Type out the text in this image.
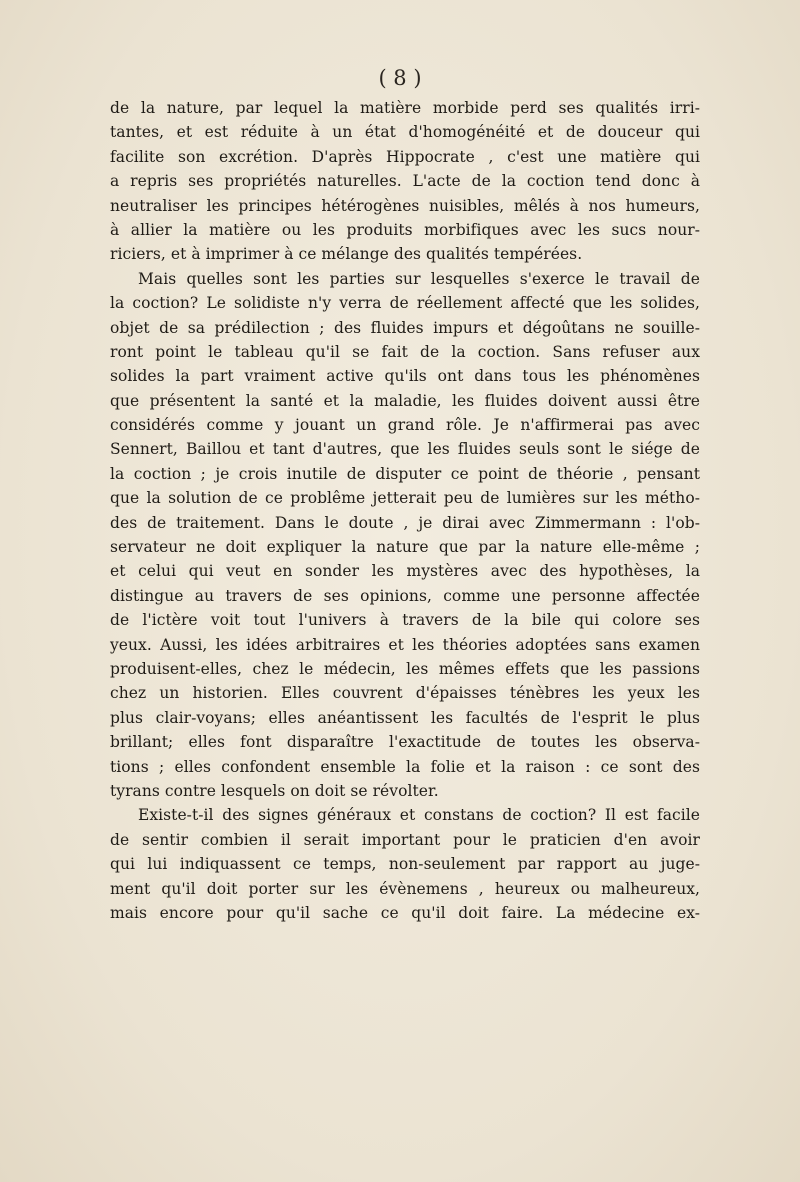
( 8 )
de la nature, par lequel la matière morbide perd ses qualités irri-
tantes, et est réduite à un état d'homogénéité et de douceur qui
facilite son excrétion. D'après Hippocrate , c'est une matière qui
a repris ses propriétés naturelles. L'acte de la coction tend donc à
neutraliser les principes hétérogènes nuisibles, mêlés à nos humeurs,
à allier la matière ou les produits morbifiques avec les sucs nour-
riciers, et à imprimer à ce mélange des qualités tempérées.
Mais quelles sont les parties sur lesquelles s'exerce le travail de
la coction? Le solidiste n'y verra de réellement affecté que les solides,
objet de sa prédilection ; des fluides impurs et dégoûtans ne souille-
ront point le tableau qu'il se fait de la coction. Sans refuser aux
solides la part vraiment active qu'ils ont dans tous les phénomènes
que présentent la santé et la maladie, les fluides doivent aussi être
considérés comme y jouant un grand rôle. Je n'affirmerai pas avec
Sennert, Baillou et tant d'autres, que les fluides seuls sont le siége de
la coction ; je crois inutile de disputer ce point de théorie , pensant
que la solution de ce problême jetterait peu de lumières sur les métho-
des de traitement. Dans le doute , je dirai avec Zimmermann : l'ob-
servateur ne doit expliquer la nature que par la nature elle-même ;
et celui qui veut en sonder les mystères avec des hypothèses, la
distingue au travers de ses opinions, comme une personne affectée
de l'ictère voit tout l'univers à travers de la bile qui colore ses
yeux. Aussi, les idées arbitraires et les théories adoptées sans examen
produisent-elles, chez le médecin, les mêmes effets que les passions
chez un historien. Elles couvrent d'épaisses ténèbres les yeux les
plus clair-voyans; elles anéantissent les facultés de l'esprit le plus
brillant; elles font disparaître l'exactitude de toutes les observa-
tions ; elles confondent ensemble la folie et la raison : ce sont des
tyrans contre lesquels on doit se révolter.
Existe-t-il des signes généraux et constans de coction? Il est facile
de sentir combien il serait important pour le praticien d'en avoir
qui lui indiquassent ce temps, non-seulement par rapport au juge-
ment qu'il doit porter sur les évènemens , heureux ou malheureux,
mais encore pour qu'il sache ce qu'il doit faire. La médecine ex-
